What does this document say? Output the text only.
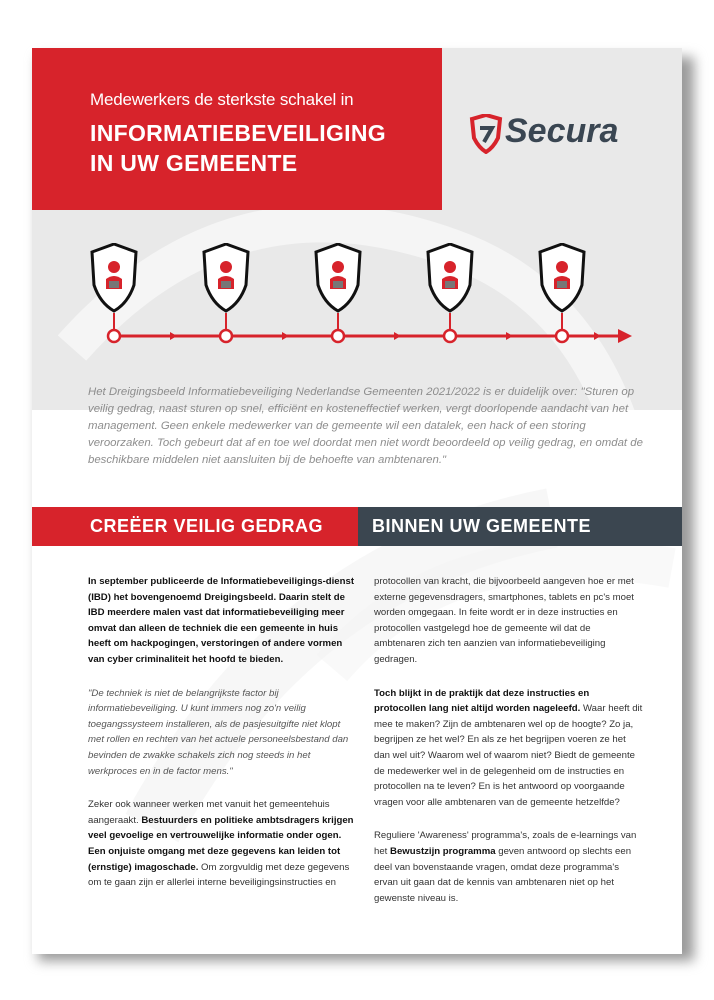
Medewerkers de sterkste schakel in
INFORMATIEBEVEILIGING
IN UW GEMEENTE
Secura
Het Dreigingsbeeld Informatiebeveiliging Nederlandse Gemeenten 2021/2022 is er duidelijk over: "Sturen op veilig gedrag, naast sturen op snel, efficiënt en kosteneffectief werken, vergt doorlopende aandacht van het management. Geen enkele medewerker van de gemeente wil een datalek, een hack of een storing veroorzaken. Toch gebeurt dat af en toe wel doordat men niet wordt beoordeeld op veilig gedrag, en omdat de beschikbare middelen niet aansluiten bij de behoefte van ambtenaren."
CREËER VEILIG GEDRAG	BINNEN UW GEMEENTE

In september publiceerde de Informatiebeveiligings-dienst (IBD) het bovengenoemd Dreigingsbeeld. Daarin stelt de IBD meerdere malen vast dat informatiebeveiliging meer omvat dan alleen de techniek die een gemeente in huis heeft om hackpogingen, verstoringen of andere vormen van cyber criminaliteit het hoofd te bieden.

"De techniek is niet de belangrijkste factor bij informatiebeveiliging. U kunt immers nog zo'n veilig toegangssysteem installeren, als de pasjesuitgifte niet klopt met rollen en rechten van het actuele personeelsbestand dan bevinden de zwakke schakels zich nog steeds in het werkproces en in de factor mens."

Zeker ook wanneer werken met vanuit het gemeentehuis aangeraakt. Bestuurders en politieke ambtsdragers krijgen veel gevoelige en vertrouwelijke informatie onder ogen. Een onjuiste omgang met deze gegevens kan leiden tot (ernstige) imagoschade. Om zorgvuldig met deze gegevens om te gaan zijn er allerlei interne beveiligingsinstructies en

protocollen van kracht, die bijvoorbeeld aangeven hoe er met externe gegevensdragers, smartphones, tablets en pc's moet worden omgegaan. In feite wordt er in deze instructies en protocollen vastgelegd hoe de gemeente wil dat de ambtenaren zich ten aanzien van informatiebeveiliging gedragen.

Toch blijkt in de praktijk dat deze instructies en protocollen lang niet altijd worden nageleefd. Waar heeft dit mee te maken? Zijn de ambtenaren wel op de hoogte? Zo ja, begrijpen ze het wel? En als ze het begrijpen voeren ze het dan wel uit? Waarom wel of waarom niet? Biedt de gemeente de medewerker wel in de gelegenheid om de instructies en protocollen na te leven? En is het antwoord op voorgaande vragen voor alle ambtenaren van de gemeente hetzelfde?

Reguliere 'Awareness' programma's, zoals de e-learnings van het Bewustzijn programma geven antwoord op slechts een deel van bovenstaande vragen, omdat deze programma's ervan uit gaan dat de kennis van ambtenaren niet op het gewenste niveau is.
